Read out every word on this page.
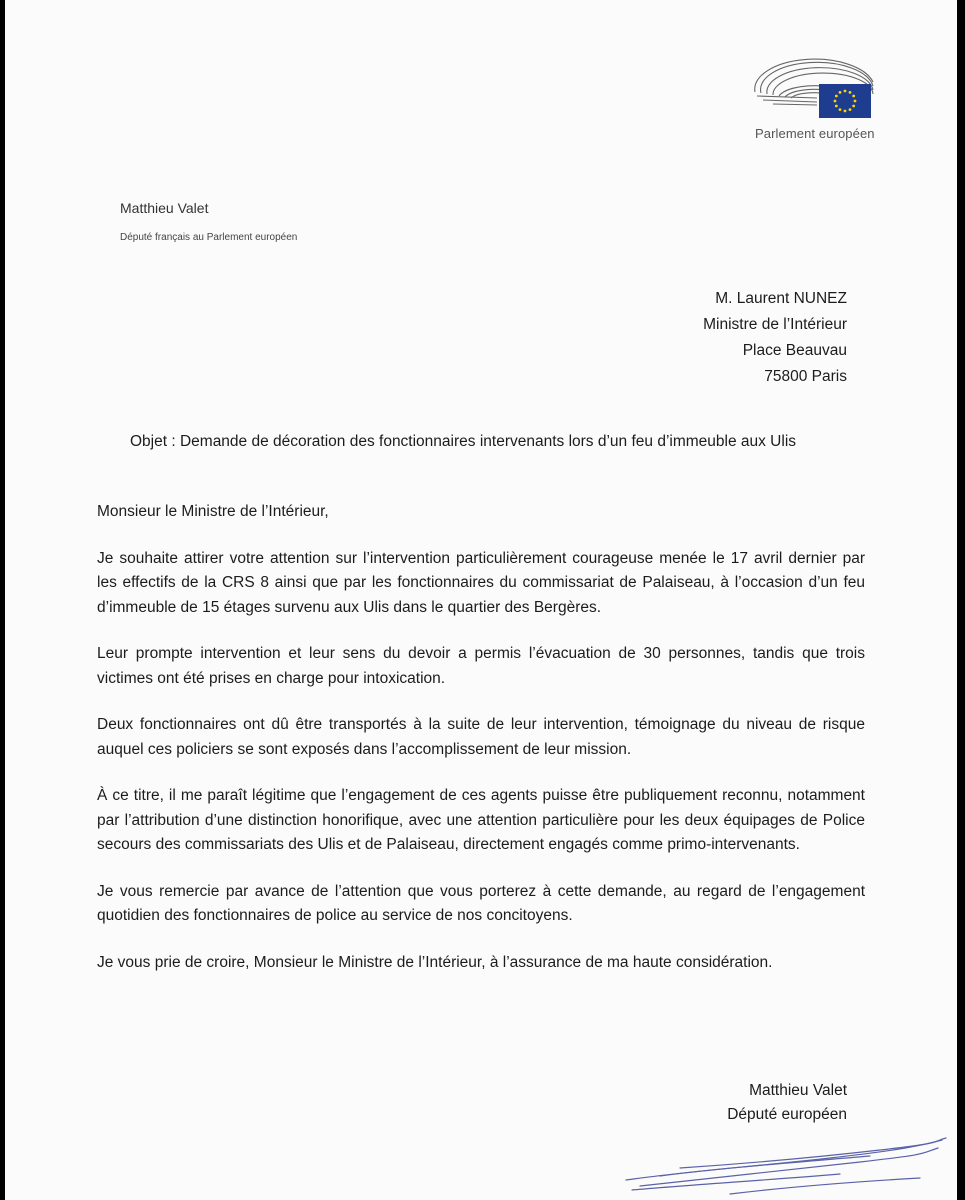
Parlement européen
Matthieu Valet
Député français au Parlement européen
M. Laurent NUNEZ
Ministre de l’Intérieur
Place Beauvau
75800 Paris
Objet : Demande de décoration des fonctionnaires intervenants lors d’un feu d’immeuble aux Ulis

Monsieur le Ministre de l’Intérieur,

Je souhaite attirer votre attention sur l’intervention particulièrement courageuse menée le 17 avril dernier par les effectifs de la CRS 8 ainsi que par les fonctionnaires du commissariat de Palaiseau, à l’occasion d’un feu d’immeuble de 15 étages survenu aux Ulis dans le quartier des Bergères.

Leur prompte intervention et leur sens du devoir a permis l’évacuation de 30 personnes, tandis que trois victimes ont été prises en charge pour intoxication.

Deux fonctionnaires ont dû être transportés à la suite de leur intervention, témoignage du niveau de risque auquel ces policiers se sont exposés dans l’accomplissement de leur mission.

À ce titre, il me paraît légitime que l’engagement de ces agents puisse être publiquement reconnu, notamment par l’attribution d’une distinction honorifique, avec une attention particulière pour les deux équipages de Police secours des commissariats des Ulis et de Palaiseau, directement engagés comme primo-intervenants.

Je vous remercie par avance de l’attention que vous porterez à cette demande, au regard de l’engagement quotidien des fonctionnaires de police au service de nos concitoyens.

Je vous prie de croire, Monsieur le Ministre de l’Intérieur, à l’assurance de ma haute considération.

Matthieu Valet
Député européen
